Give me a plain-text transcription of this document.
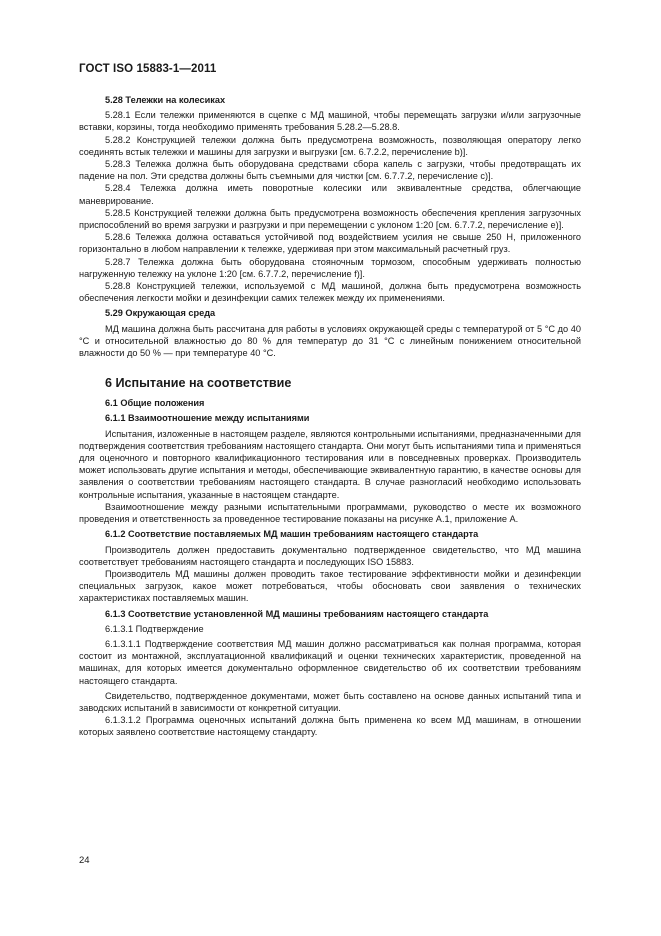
ГОСТ ISO 15883-1—2011

5.28 Тележки на колесиках

5.28.1 Если тележки применяются в сцепке с МД машиной, чтобы перемещать загрузки и/или загрузочные вставки, корзины, тогда необходимо применять требования 5.28.2—5.28.8.

5.28.2 Конструкцией тележки должна быть предусмотрена возможность, позволяющая оператору легко соединять встык тележки и машины для загрузки и выгрузки [см. 6.7.2.2, перечисление b)].

5.28.3 Тележка должна быть оборудована средствами сбора капель с загрузки, чтобы предотвращать их падение на пол. Эти средства должны быть съемными для чистки [см. 6.7.7.2, перечисление c)].

5.28.4 Тележка должна иметь поворотные колесики или эквивалентные средства, облегчающие маневрирование.

5.28.5 Конструкцией тележки должна быть предусмотрена возможность обеспечения крепления загрузочных приспособлений во время загрузки и разгрузки и при перемещении с уклоном 1:20 [см. 6.7.7.2, перечисление e)].

5.28.6 Тележка должна оставаться устойчивой под воздействием усилия не свыше 250 Н, приложенного горизонтально в любом направлении к тележке, удерживая при этом максимальный расчетный груз.

5.28.7 Тележка должна быть оборудована стояночным тормозом, способным удерживать полностью нагруженную тележку на уклоне 1:20 [см. 6.7.7.2, перечисление f)].

5.28.8 Конструкцией тележки, используемой с МД машиной, должна быть предусмотрена возможность обеспечения легкости мойки и дезинфекции самих тележек между их применениями.

5.29 Окружающая среда

МД машина должна быть рассчитана для работы в условиях окружающей среды с температурой от 5 °С до 40 °С и относительной влажностью до 80 % для температур до 31 °С с линейным понижением относительной влажности до 50 % — при температуре 40 °С.

6 Испытание на соответствие

6.1 Общие положения

6.1.1 Взаимоотношение между испытаниями

Испытания, изложенные в настоящем разделе, являются контрольными испытаниями, предназначенными для подтверждения соответствия требованиям настоящего стандарта. Они могут быть испытаниями типа и применяться для оценочного и повторного квалификационного тестирования или в повседневных проверках. Производитель может использовать другие испытания и методы, обеспечивающие эквивалентную гарантию, в качестве основы для заявления о соответствии требованиям настоящего стандарта. В случае разногласий необходимо использовать контрольные испытания, указанные в настоящем стандарте.

Взаимоотношение между разными испытательными программами, руководство о месте их возможного проведения и ответственность за проведенное тестирование показаны на рисунке А.1, приложение А.

6.1.2 Соответствие поставляемых МД машин требованиям настоящего стандарта

Производитель должен предоставить документально подтвержденное свидетельство, что МД машина соответствует требованиям настоящего стандарта и последующих ISO 15883.

Производитель МД машины должен проводить такое тестирование эффективности мойки и дезинфекции специальных загрузок, какое может потребоваться, чтобы обосновать свои заявления о технических характеристиках поставляемых машин.

6.1.3 Соответствие установленной МД машины требованиям настоящего стандарта

6.1.3.1 Подтверждение

6.1.3.1.1 Подтверждение соответствия МД машин должно рассматриваться как полная программа, которая состоит из монтажной, эксплуатационной квалификаций и оценки технических характеристик, проведенной на машинах, для которых имеется документально оформленное свидетельство об их соответствии требованиям настоящего стандарта.

Свидетельство, подтвержденное документами, может быть составлено на основе данных испытаний типа и заводских испытаний в зависимости от конкретной ситуации.

6.1.3.1.2 Программа оценочных испытаний должна быть применена ко всем МД машинам, в отношении которых заявлено соответствие настоящему стандарту.

24
